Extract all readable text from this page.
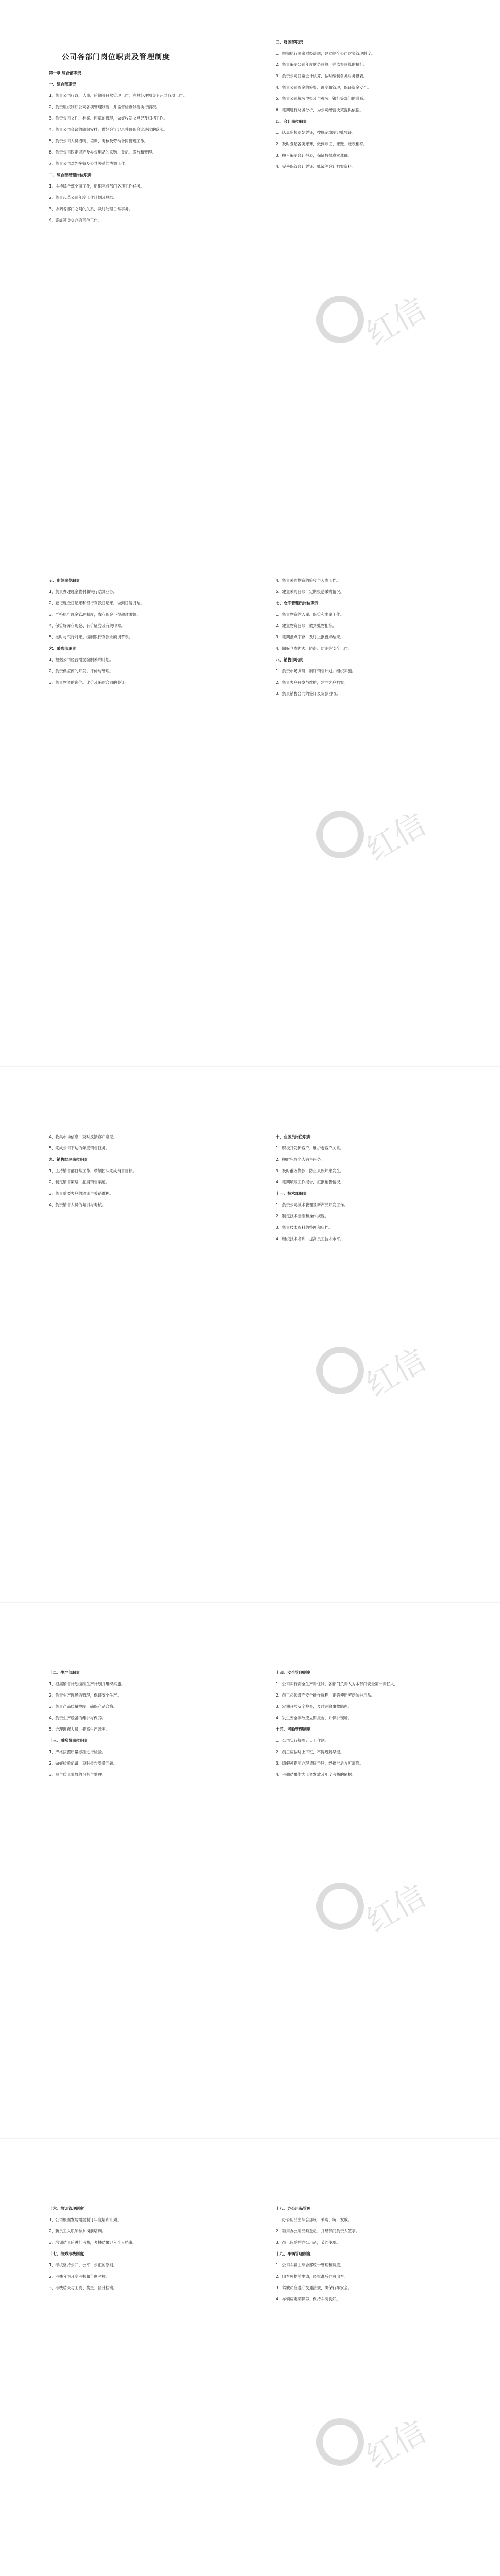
公司各部门岗位职责及管理制度

第一章 综合部职责

一、综合部职责

1、负责公司行政、人事、后勤等日常管理工作，在总经理领导下开展各项工作。

2、负责组织制订公司各项管理制度，并监督检查制度执行情况。

3、负责公司文件、档案、印章的管理，做好收发文登记及归档工作。

4、负责公司会议的组织安排，做好会议记录并督促会议决议的落实。

5、负责公司人员招聘、培训、考核及劳动合同管理工作。

6、负责公司固定资产及办公用品的采购、登记、发放和管理。

7、负责公司对外接待及公共关系的协调工作。

二、综合部经理岗位职责

1、主持综合部全面工作，组织完成部门各项工作任务。

2、负责起草公司年度工作计划及总结。

3、协调各部门之间的关系，及时处理日常事务。

4、完成领导交办的其他工作。

三、财务部职责

1、贯彻执行国家财经法规，建立健全公司财务管理制度。

2、负责编制公司年度财务预算，并监督预算的执行。

3、负责公司日常会计核算，按时编制各类财务报表。

4、负责公司资金的筹集、调度和管理，保证资金安全。

5、负责公司税务申报及与税务、银行等部门的联系。

6、定期进行财务分析，为公司经营决策提供依据。

四、会计岗位职责

1、认真审核原始凭证，按规定填制记账凭证。

2、及时登记各类账簿，做到账证、账账、账表相符。

3、按月编制会计报表，保证数据真实准确。

4、妥善保管会计凭证、账簿等会计档案资料。

五、出纳岗位职责

1、负责办理现金收付和银行结算业务。

2、登记现金日记账和银行存款日记账，做到日清月结。

3、严格执行现金管理制度，库存现金不得超过限额。

4、保管好库存现金、有价证券及有关印章。

5、按时与银行对账，编制银行存款余额调节表。

六、采购部职责

1、根据公司经营需要编制采购计划。

2、负责供应商的开发、评价与管理。

3、负责物资的询价、比价及采购合同的签订。

4、负责采购物资的验收与入库工作。

5、建立采购台账，定期报送采购情况。

七、仓库管理员岗位职责

1、负责物资的入库、保管和出库工作。

2、建立物资台账，做到账物相符。

3、定期盘点库存，及时上报盘点结果。

4、做好仓库防火、防盗、防潮等安全工作。

八、销售部职责

1、负责市场调研，制订销售计划并组织实施。

2、负责客户开发与维护，建立客户档案。

3、负责销售合同的签订及货款回收。

4、收集市场信息，及时反馈客户意见。

5、完成公司下达的年度销售任务。

九、销售经理岗位职责

1、主持销售部日常工作，带领团队完成销售目标。

2、制定销售策略，拓展销售渠道。

3、负责重要客户的洽谈与关系维护。

4、负责销售人员的培训与考核。

十、业务员岗位职责

1、积极开发新客户，维护老客户关系。

2、按时完成个人销售任务。

3、及时催收货款，防止呆账坏账发生。

4、定期填写工作报告，汇报销售情况。

十一、技术部职责

1、负责公司技术管理及新产品开发工作。

2、制定技术标准和操作规程。

3、负责技术资料的整理和归档。

4、组织技术培训，提高员工技术水平。

十二、生产部职责

1、根据销售计划编制生产计划并组织实施。

2、负责生产现场的管理，保证安全生产。

3、负责产品质量控制，确保产品合格。

4、负责生产设备的维护与保养。

5、合理调配人员，提高生产效率。

十三、质检员岗位职责

1、严格按照质量标准进行检验。

2、做好检验记录，及时报告质量问题。

3、参与质量事故的分析与处理。

十四、安全管理制度

1、公司实行安全生产责任制，各部门负责人为本部门安全第一责任人。

2、员工必须遵守安全操作规程，正确使用劳动防护用品。

3、定期开展安全检查，及时消除事故隐患。

4、发生安全事故应立即报告，并保护现场。

十五、考勤管理制度

1、公司实行每周五天工作制。

2、员工应按时上下班，不得迟到早退。

3、请假须提前办理请假手续，经批准后方可离岗。

4、考勤结果作为工资发放及年度考核的依据。

十六、培训管理制度

1、公司根据发展需要制订年度培训计划。

2、新员工入职须参加岗前培训。

3、培训结束后进行考核，考核结果记入个人档案。

十七、绩效考核制度

1、考核坚持公开、公平、公正的原则。

2、考核分为月度考核和年度考核。

3、考核结果与工资、奖金、晋升挂钩。

十八、办公用品管理

1、办公用品由综合部统一采购、统一发放。

2、领用办公用品须登记，并经部门负责人签字。

3、员工应爱护办公用品，节约使用。

十九、车辆管理制度

1、公司车辆由综合部统一管理和调度。

2、用车须提前申请，经批准后方可出车。

3、驾驶员应遵守交通法规，确保行车安全。

4、车辆应定期保养，保持车况良好。

红信
红信
红信
红信
红信
